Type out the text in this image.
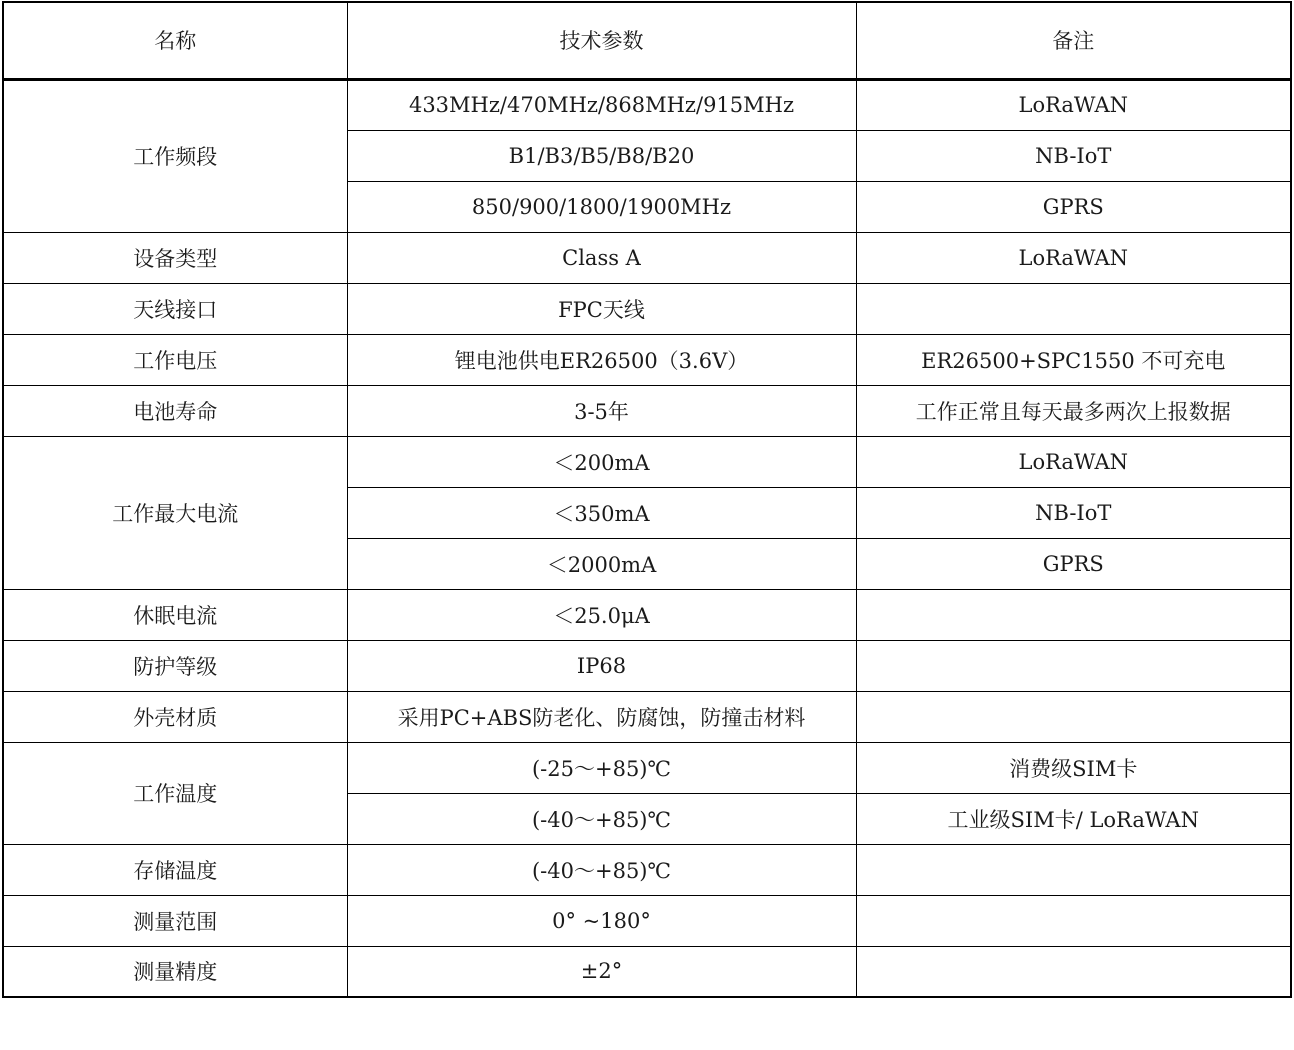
名称	技术参数	备注
工作频段	433MHz/470MHz/868MHz/915MHz	LoRaWAN
	B1/B3/B5/B8/B20	NB-IoT
	850/900/1800/1900MHz	GPRS
设备类型	Class A	LoRaWAN
天线接口	FPC天线	
工作电压	锂电池供电ER26500（3.6V）	ER26500+SPC1550 不可充电
电池寿命	3-5年	工作正常且每天最多两次上报数据
工作最大电流	＜200mA	LoRaWAN
	＜350mA	NB-IoT
	＜2000mA	GPRS
休眠电流	＜25.0μA	
防护等级	IP68	
外壳材质	采用PC+ABS防老化、防腐蚀，防撞击材料	
工作温度	(-25～+85)℃	消费级SIM卡
	(-40～+85)℃	工业级SIM卡/ LoRaWAN
存储温度	(-40～+85)℃	
测量范围	0° ~180°	
测量精度	±2°	
